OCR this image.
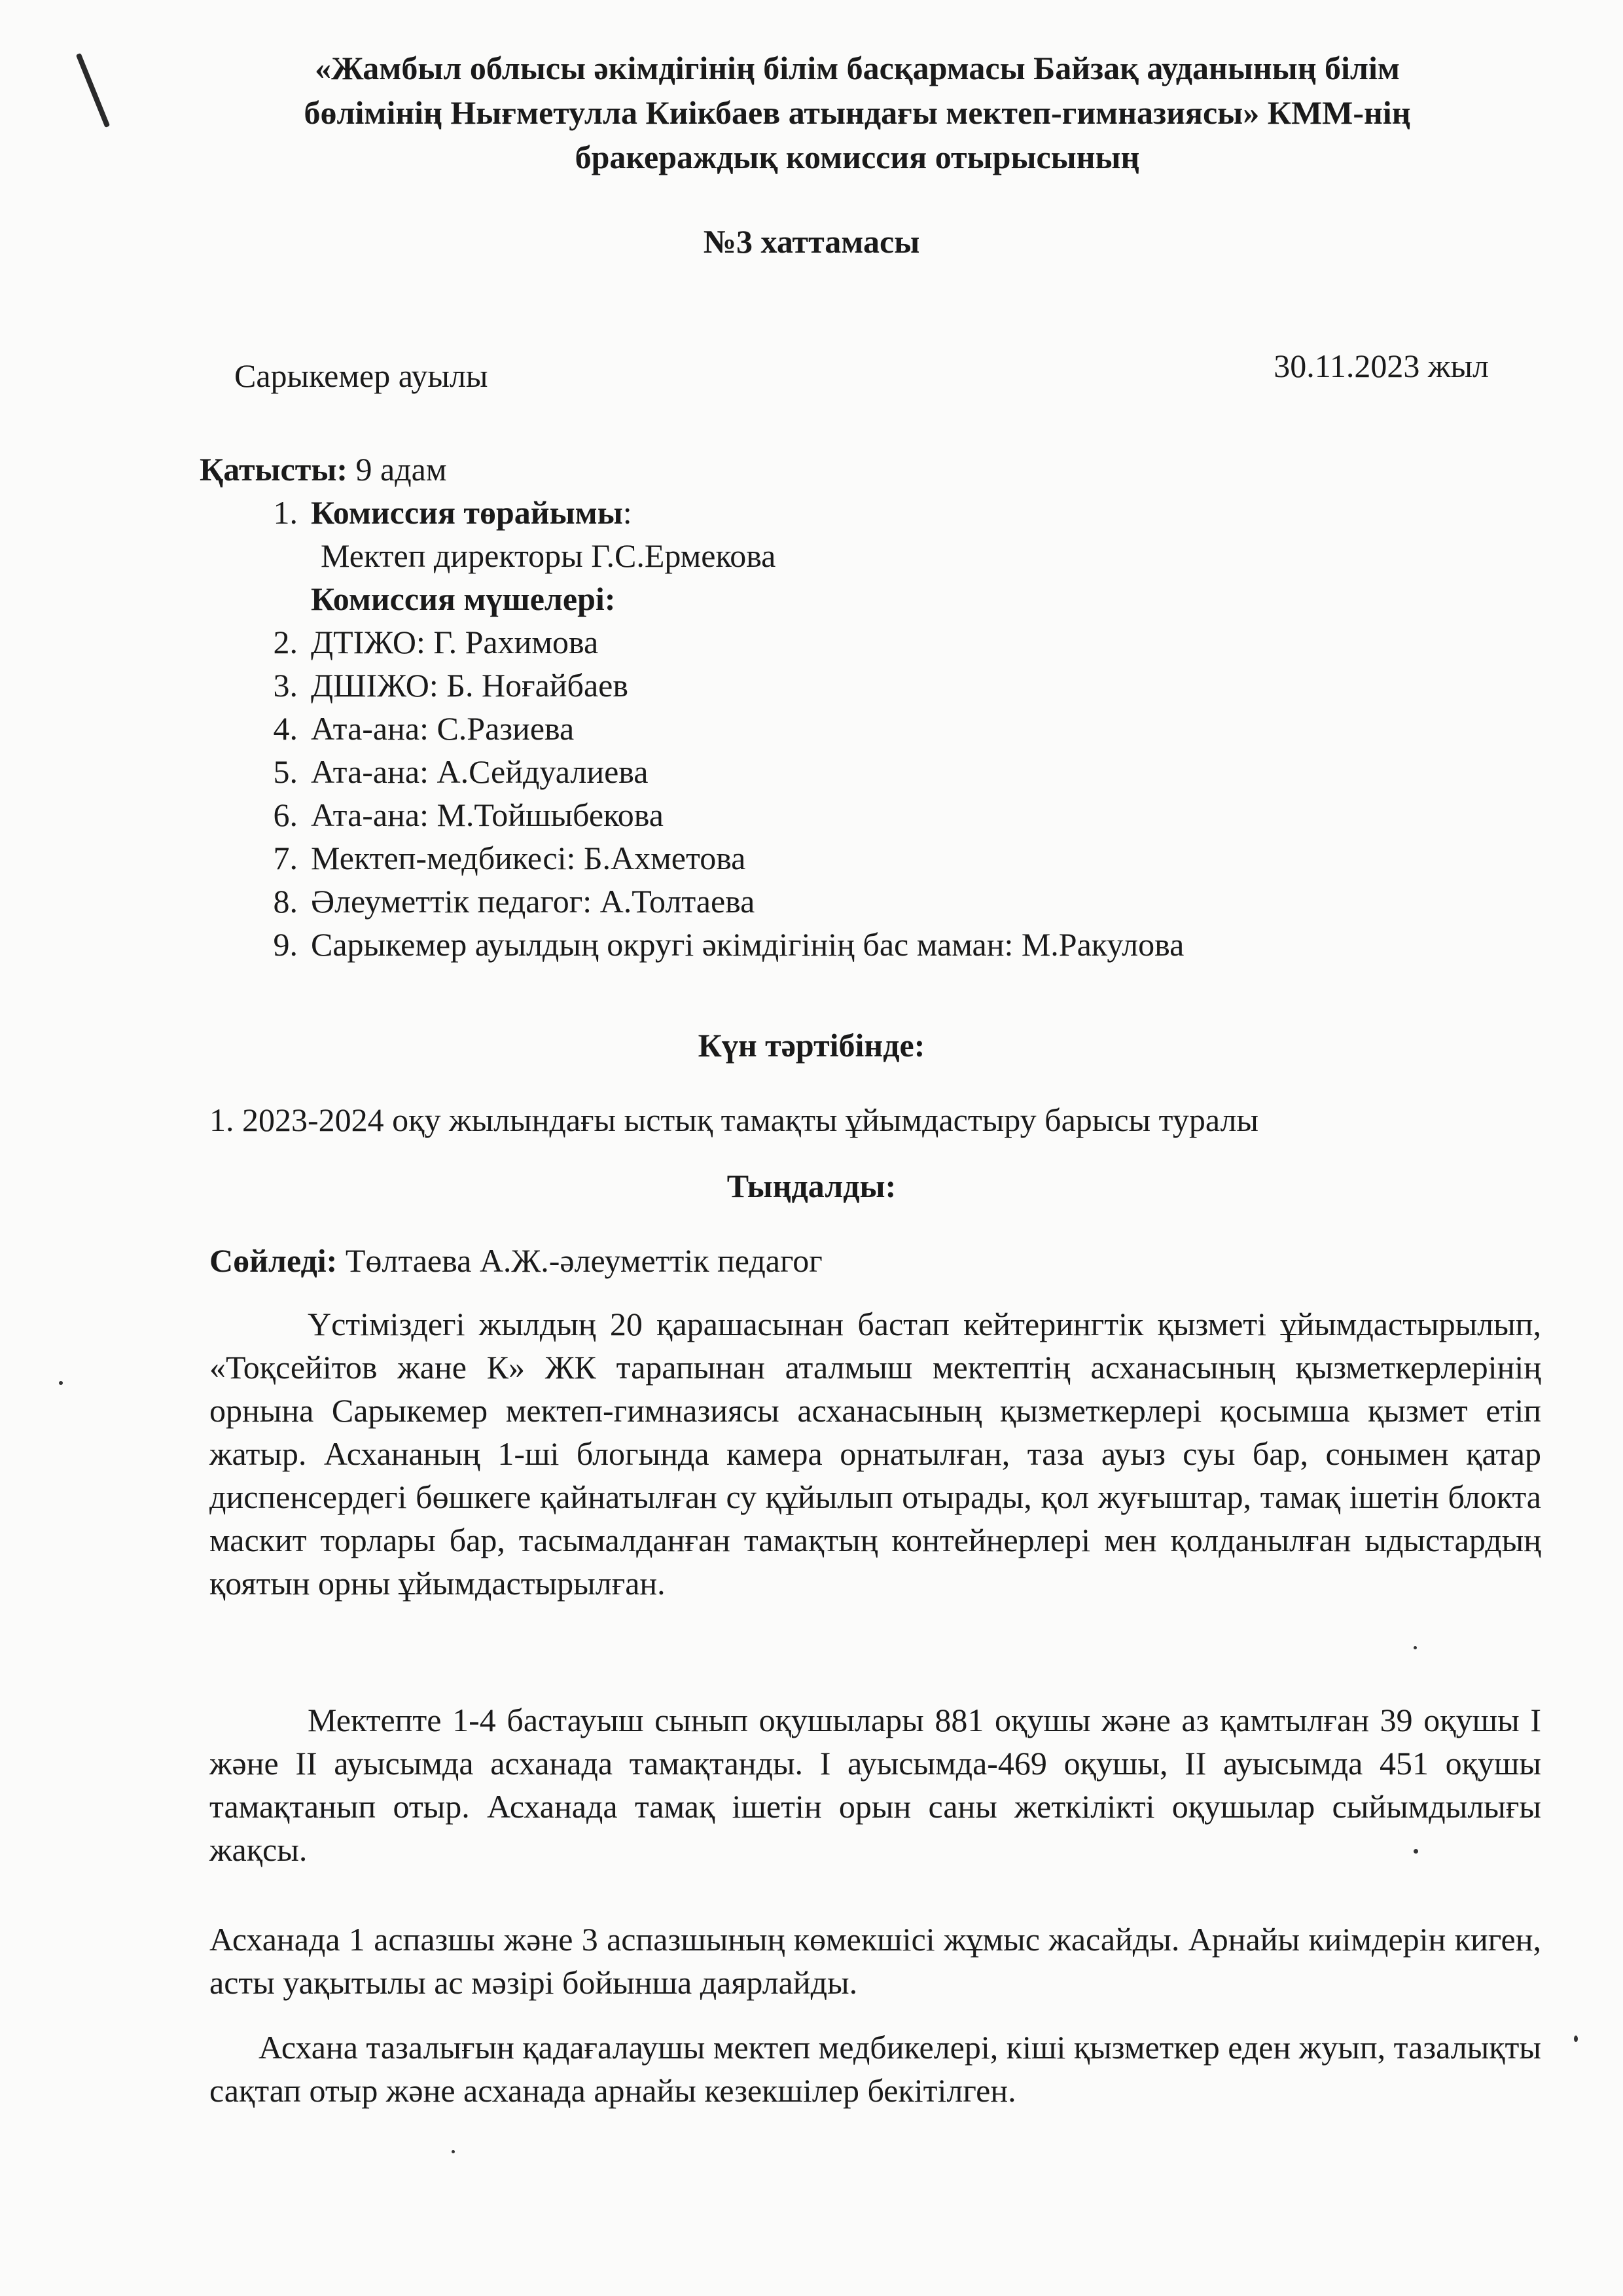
«Жамбыл облысы әкімдігінің білім басқармасы Байзақ ауданының білім
бөлімінің Нығметулла Киікбаев атындағы мектеп-гимназиясы» КММ-нің
бракераждық комиссия отырысының
№3 хаттамасы
Сарыкемер ауылы	30.11.2023 жыл
Қатысты: 9 адам
1. Комиссия төрайымы:
Мектеп директоры Г.С.Ермекова
Комиссия мүшелері:
2. ДТІЖО: Г. Рахимова
3. ДШІЖО: Б. Ноғайбаев
4. Ата-ана: С.Разиева
5. Ата-ана: А.Сейдуалиева
6. Ата-ана: М.Тойшыбекова
7. Мектеп-медбикесі: Б.Ахметова
8. Әлеуметтік педагог: А.Толтаева
9. Сарыкемер ауылдың округі әкімдігінің бас маман: М.Ракулова
Күн тәртібінде:
1. 2023-2024 оқу жылындағы ыстық тамақты ұйымдастыру барысы туралы
Тыңдалды:
Сөйледі: Төлтаева А.Ж.-әлеуметтік педагог
Үстіміздегі жылдың 20 қарашасынан бастап кейтерингтік қызметі ұйымдастырылып, «Тоқсейітов жане К» ЖК тарапынан аталмыш мектептің асханасының қызметкерлерінің орнына Сарыкемер мектеп-гимназиясы асханасының қызметкерлері қосымша қызмет етіп жатыр. Асхананың 1-ші блогында камера орнатылған, таза ауыз суы бар, сонымен қатар диспенсердегі бөшкеге қайнатылған су құйылып отырады, қол жуғыштар, тамақ ішетін блокта маскит торлары бар, тасымалданған тамақтың контейнерлері мен қолданылған ыдыстардың қоятын орны ұйымдастырылған.
Мектепте 1-4 бастауыш сынып оқушылары 881 оқушы және аз қамтылған 39 оқушы І және ІІ ауысымда асханада тамақтанды. І ауысымда-469 оқушы, ІІ ауысымда 451 оқушы тамақтанып отыр. Асханада тамақ ішетін орын саны жеткілікті оқушылар сыйымдылығы жақсы.
Асханада 1 аспазшы және 3 аспазшының көмекшісі жұмыс жасайды. Арнайы киімдерін киген, асты уақытылы ас мәзірі бойынша даярлайды.
Асхана тазалығын қадағалаушы мектеп медбикелері, кіші қызметкер еден жуып, тазалықты сақтап отыр және асханада арнайы кезекшілер бекітілген.
